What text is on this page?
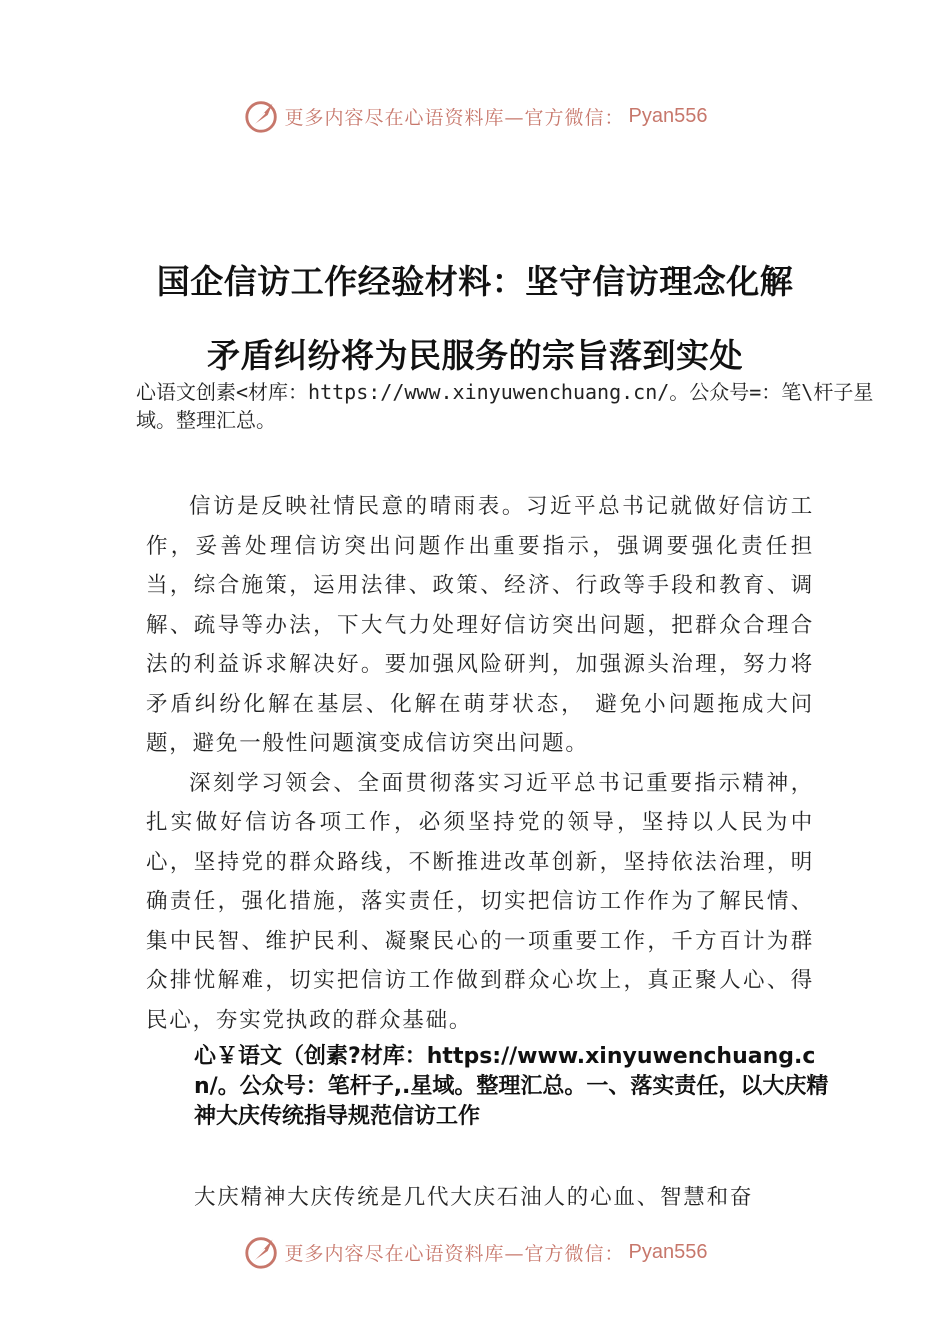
更多内容尽在心语资料库—官方微信： Pyan556
国企信访工作经验材料：坚守信访理念化解
矛盾纠纷将为民服务的宗旨落到实处
心语文创素<材库：https://www.xinyuwenchuang.cn/。公众号=：笔\杆子星域。整理汇总。

信访是反映社情民意的晴雨表。习近平总书记就做好信访工作，妥善处理信访突出问题作出重要指示，强调要强化责任担当，综合施策，运用法律、政策、经济、行政等手段和教育、调解、疏导等办法，下大气力处理好信访突出问题，把群众合理合法的利益诉求解决好。要加强风险研判，加强源头治理，努力将矛盾纠纷化解在基层、化解在萌芽状态， 避免小问题拖成大问题，避免一般性问题演变成信访突出问题。

深刻学习领会、全面贯彻落实习近平总书记重要指示精神，扎实做好信访各项工作，必须坚持党的领导，坚持以人民为中心，坚持党的群众路线，不断推进改革创新，坚持依法治理，明确责任，强化措施，落实责任，切实把信访工作作为了解民情、集中民智、维护民利、凝聚民心的一项重要工作，千方百计为群众排忧解难，切实把信访工作做到群众心坎上，真正聚人心、得民心，夯实党执政的群众基础。

心￥语文（创素?材库：https://www.xinyuwenchuang.cn/。公众号：笔杆子,.星域。整理汇总。一、落实责任，以大庆精神大庆传统指导规范信访工作
大庆精神大庆传统是几代大庆石油人的心血、智慧和奋
更多内容尽在心语资料库—官方微信： Pyan556
